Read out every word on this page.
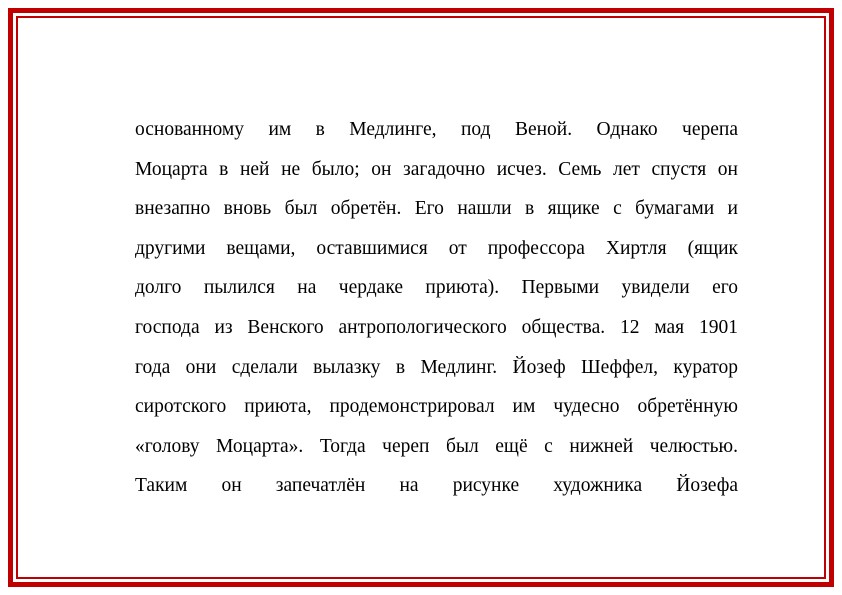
основанному им в Медлинге, под Веной. Однако черепа
Моцарта в ней не было; он загадочно исчез. Семь лет спустя он
внезапно вновь был обретён. Его нашли в ящике с бумагами и
другими вещами, оставшимися от профессора Хиртля (ящик
долго пылился на чердаке приюта). Первыми увидели его
господа из Венского антропологического общества. 12 мая 1901
года они сделали вылазку в Медлинг. Йозеф Шеффел, куратор
сиротского приюта, продемонстрировал им чудесно обретённую
«голову Моцарта». Тогда череп был ещё с нижней челюстью.
Таким он запечатлён на рисунке художника Йозефа
